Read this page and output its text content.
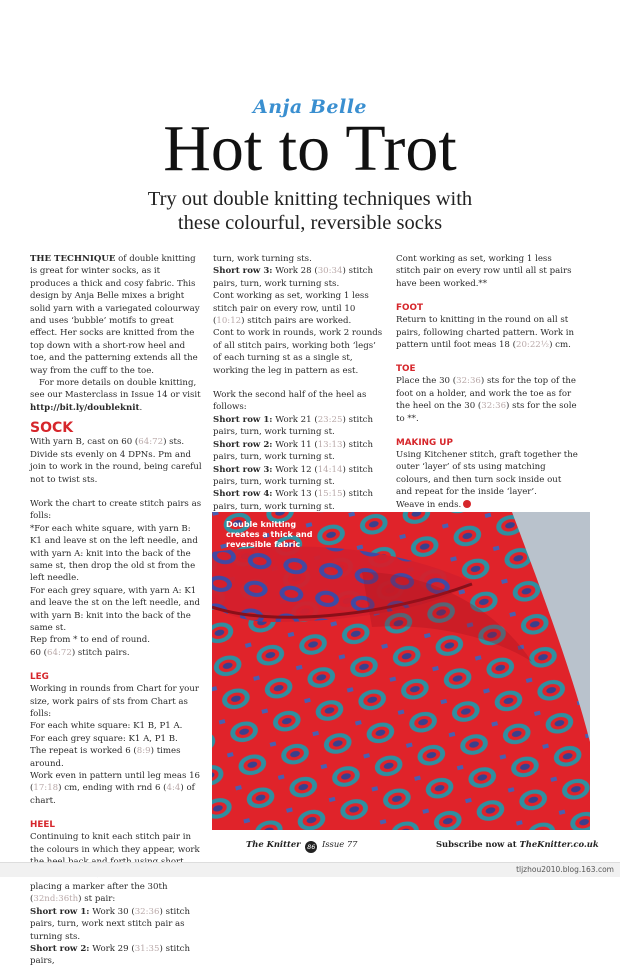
Anja Belle
Hot to Trot
Try out double knitting techniques with
these colourful, reversible socks

THE TECHNIQUE of double knitting is great for winter socks, as it produces a thick and cosy fabric. This design by Anja Belle mixes a bright solid yarn with a variegated colourway and uses ‘bubble’ motifs to great effect. Her socks are knitted from the top down with a short-row heel and toe, and the patterning extends all the way from the cuff to the toe.

For more details on double knitting, see our Masterclass in Issue 14 or visit http://bit.ly/doubleknit.

SOCK

With yarn B, cast on 60 (64:72) sts. Divide sts evenly on 4 DPNs. Pm and join to work in the round, being careful not to twist sts.

Work the chart to create stitch pairs as folls:

*For each white square, with yarn B: K1 and leave st on the left needle, and with yarn A: knit into the back of the same st, then drop the old st from the left needle.

For each grey square, with yarn A: K1 and leave the st on the left needle, and with yarn B: knit into the back of the same st.

Rep from * to end of round.

60 (64:72) stitch pairs.

LEG

Working in rounds from Chart for your size, work pairs of sts from Chart as folls:

For each white square: K1 B, P1 A.

For each grey square: K1 A, P1 B.

The repeat is worked 6 (8:9) times around.

Work even in pattern until leg meas 16 (17:18) cm, ending with rnd 6 (4:4) of chart.

HEEL

Continuing to knit each stitch pair in the colours in which they appear, work placing a marker after the 30th (32nd:36th) st pair:

Short row 1: Work 30 (32:36) stitch pairs, turn, work next stitch pair as turning sts.

Short row 2: Work 29 (31:35) stitch pairs,

turn, work turning sts.

Short row 3: Work 28 (30:34) stitch pairs, turn, work turning sts.

Cont working as set, working 1 less stitch pair on every row, until 10 (10:12) stitch pairs are worked.

Cont to work in rounds, work 2 rounds of all stitch pairs, working both ‘legs’ of each turning st as a single st, working the leg in pattern as est.

Work the second half of the heel as follows:

Short row 1: Work 21 (23:25) stitch pairs, turn, work turning st.

Short row 2: Work 11 (13:13) stitch pairs, turn, work turning st.

Short row 3: Work 12 (14:14) stitch pairs, turn, work turning st.

Short row 4: Work 13 (15:15) stitch pairs, turn, work turning st.

Cont working as set, working 1 less stitch pair on every row until all st pairs have been worked.**

FOOT

Return to knitting in the round on all st pairs, following charted pattern. Work in pattern until foot meas 18 (20:22½) cm.

TOE

Place the 30 (32:36) sts for the top of the foot on a holder, and work the toe as for the heel on the 30 (32:36) sts for the sole to **.

MAKING UP

Using Kitchener stitch, graft together the outer ‘layer’ of sts using matching colours, and then turn sock inside out and repeat for the inside ‘layer’.

Weave in ends.

Double knitting creates a thick and reversible fabric
The Knitter 86 Issue 77	Subscribe now at TheKnitter.co.uk
tljzhou2010.blog.163.com
